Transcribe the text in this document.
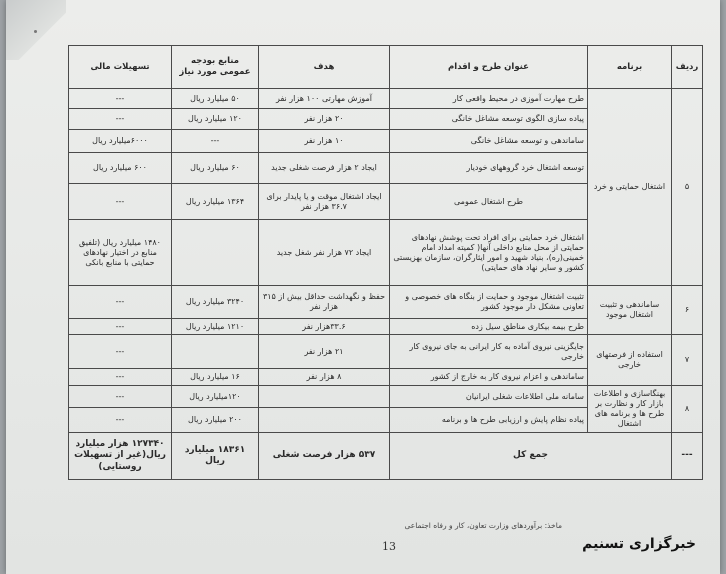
ردیف	برنامه	عنوان طرح و اقدام	هدف	منابع بودجه عمومی مورد نیاز	تسهیلات مالی
۵	اشتغال حمایتی و خرد	طرح مهارت آموزی در محیط واقعی کار	آموزش مهارتی ۱۰۰ هزار نفر	۵۰ میلیارد ریال	---
		پیاده سازی الگوی توسعه مشاغل خانگی	۲۰ هزار نفر	۱۲۰ میلیارد ریال	---
		ساماندهی و توسعه مشاغل خانگی	۱۰ هزار نفر	---	۶۰۰۰میلیارد ریال
		توسعه اشتغال خرد گروههای خودیار	ایجاد ۲ هزار فرصت شغلی جدید	۶۰ میلیارد ریال	۶۰۰ میلیارد ریال
		طرح اشتغال عمومی	ایجاد اشتغال موقت و یا پایدار برای ۳۶.۷ هزار نفر	۱۳۶۴ میلیارد ریال	---
		اشتغال خرد حمایتی برای افراد تحت پوشش نهادهای حمایتی از محل منابع داخلی آنها( کمیته امداد امام خمینی(ره)، بنیاد شهید و امور ایثارگران، سازمان بهزیستی کشور و سایر نهاد های حمایتی)	ایجاد ۷۲ هزار نفر شغل جدید		۱۴۸۰ میلیارد ریال (تلفیق منابع در اختیار نهادهای حمایتی با منابع بانکی
۶	ساماندهی و تثبیت اشتغال موجود	تثبیت اشتغال موجود و حمایت از بنگاه های خصوصی و تعاونی مشکل دار موجود کشور	حفظ و نگهداشت حداقل بیش از ۳۱۵ هزار نفر	۳۲۴۰ میلیارد ریال	---
		طرح بیمه بیکاری مناطق سیل زده	۳۳.۶هزار نفر	۱۲۱۰ میلیارد ریال	---
۷	استفاده از فرصتهای خارجی	جایگزینی نیروی آماده به کار ایرانی به جای نیروی کار خارجی	۲۱ هزار نفر		---
		ساماندهی و اعزام نیروی کار به خارج از کشور	۸ هزار نفر	۱۶ میلیارد ریال	---
۸	بهنگاسازی و اطلاعات بازار کار و نظارت بر طرح ها و برنامه های اشتغال	سامانه ملی اطلاعات شغلی ایرانیان		۱۲۰میلیارد ریال	---
		پیاده نظام پایش و ارزیابی طرح ها و برنامه		۲۰۰ میلیارد ریال	---
---	جمع کل		۵۳۷ هزار فرصت شغلی	۱۸۳۶۱ میلیارد ریال	۱۲۷۳۴۰ هزار میلیارد ریال(غیر از تسهیلات روستایی)
ماخذ: برآوردهای وزارت تعاون، کار و رفاه اجتماعی
13	خبرگزاری تسنیم
